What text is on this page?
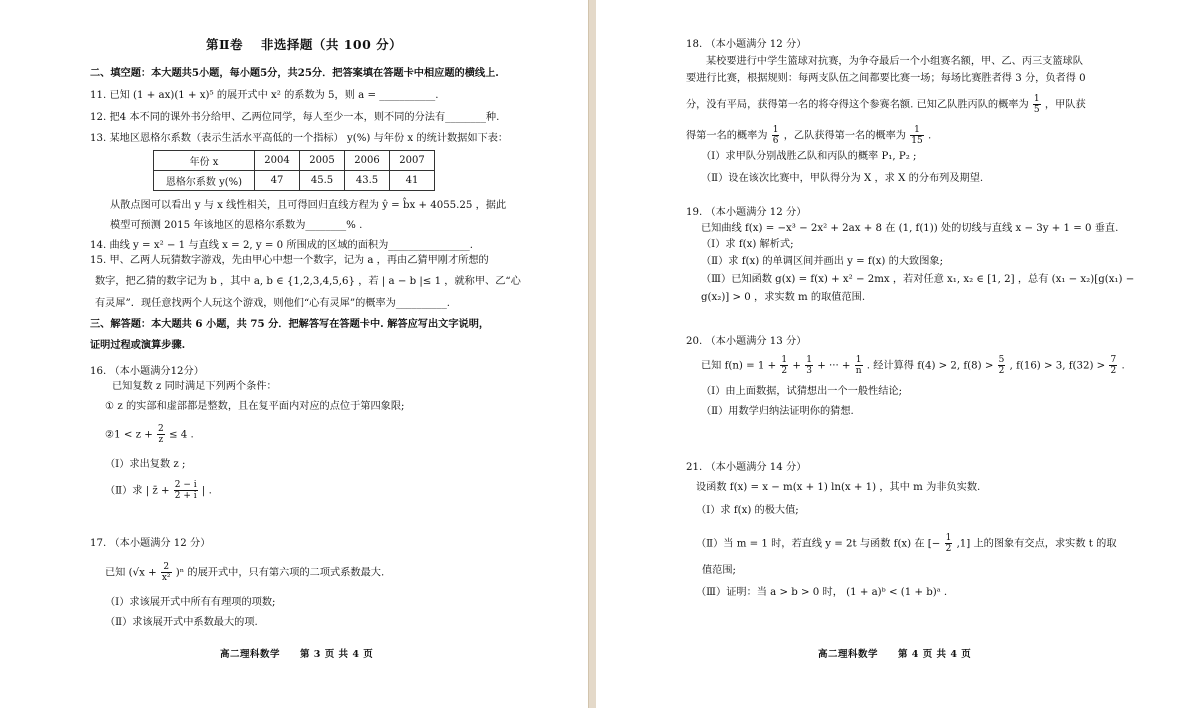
第Ⅱ卷　 非选择题（共 100 分）
二、填空题：本大题共5小题，每小题5分，共25分．把答案填在答题卡中相应题的横线上.
11. 已知 (1 + ax)(1 + x)⁵ 的展开式中 x² 的系数为 5，则 a = ___________.
12. 把4 本不同的课外书分给甲、乙两位同学，每人至少一本，则不同的分法有________种.
13. 某地区恩格尔系数（表示生活水平高低的一个指标） y(%) 与年份 x 的统计数据如下表：
年份 x	2004	2005	2006	2007
恩格尔系数 y(%)	47	45.5	43.5	41
从散点图可以看出 y 与 x 线性相关，且可得回归直线方程为 ŷ = b̂x + 4055.25 ，据此
模型可预测 2015 年该地区的恩格尔系数为________% .
14. 曲线 y = x² − 1 与直线 x = 2, y = 0 所围成的区域的面积为________________.
15. 甲、乙两人玩猜数字游戏，先由甲心中想一个数字，记为 a ，再由乙猜甲刚才所想的
数字，把乙猜的数字记为 b ，其中 a, b ∈ {1,2,3,4,5,6} ，若 | a − b |≤ 1 ，就称甲、乙“心
有灵犀”．现任意找两个人玩这个游戏，则他们“心有灵犀”的概率为__________.
三、解答题：本大题共 6 小题，共 75 分．把解答写在答题卡中. 解答应写出文字说明，
证明过程或演算步骤.
16. （本小题满分12分）
已知复数 z 同时满足下列两个条件：
① z 的实部和虚部都是整数，且在复平面内对应的点位于第四象限;
②1 < $z + \frac{2}{z} \le 4$ .
（Ⅰ）求出复数 z ;
（Ⅱ）求 | z̄ + $\frac{2 - i}{2 + i}$ | .
17. （本小题满分 12 分）
已知 $(√x + \frac{2}{\text{x²}} )^n$ 的展开式中，只有第六项的二项式系数最大.
（Ⅰ）求该展开式中所有有理项的项数;
（Ⅱ）求该展开式中系数最大的项.
高二理科数学　　第 3 页 共 4 页
18. （本小题满分 12 分）
某校要进行中学生篮球对抗赛，为争夺最后一个小组赛名额，甲、乙、丙三支篮球队
要进行比赛，根据规则：每两支队伍之间都要比赛一场；每场比赛胜者得 3 分，负者得 0
分，没有平局，获得第一名的将夺得这个参赛名额. 已知乙队胜丙队的概率为 $\frac{1}{5}$ ，甲队获
得第一名的概率为 $\frac{1}{6}$ ，乙队获得第一名的概率为 $\frac{1}{15}$ .
（Ⅰ）求甲队分别战胜乙队和丙队的概率 P₁, P₂ ;
（Ⅱ）设在该次比赛中，甲队得分为 X ，求 X 的分布列及期望.
19. （本小题满分 12 分）
已知曲线 f(x) = −x³ − 2x² + 2ax + 8 在 (1, f(1)) 处的切线与直线 x − 3y + 1 = 0 垂直.
（Ⅰ）求 f(x) 解析式;
（Ⅱ）求 f(x) 的单调区间并画出 y = f(x) 的大致图象;
（Ⅲ）已知函数 g(x) = f(x) + x² − 2mx ，若对任意 x₁, x₂ ∈ [1, 2] ，总有 (x₁ − x₂)[g(x₁) −
g(x₂)] > 0 ，求实数 m 的取值范围.
20. （本小题满分 13 分）
已知 $f(n) = 1 + \frac{1}{2} + \frac{1}{3}$ + ··· + $\frac{1}{n}$ . 经计算得 f(4) > 2, $f(8) > \frac{5}{2}$ , f(16) > 3, $f(32) > \frac{7}{2}$ .
（Ⅰ）由上面数据，试猜想出一个一般性结论;
（Ⅱ）用数学归纳法证明你的猜想.
21. （本小题满分 14 分）
设函数 f(x) = x − m(x + 1) ln(x + 1) ，其中 m 为非负实数.
（Ⅰ）求 f(x) 的极大值;
（Ⅱ）当 m = 1 时，若直线 y = 2t 与函数 f(x) 在 [− $\frac{1}{2} ,1$] 上的图象有交点，求实数 t 的取
值范围;
（Ⅲ）证明：当 a > b > 0 时， (1 + a)ᵇ < (1 + b)ᵃ .
高二理科数学　　第 4 页 共 4 页
